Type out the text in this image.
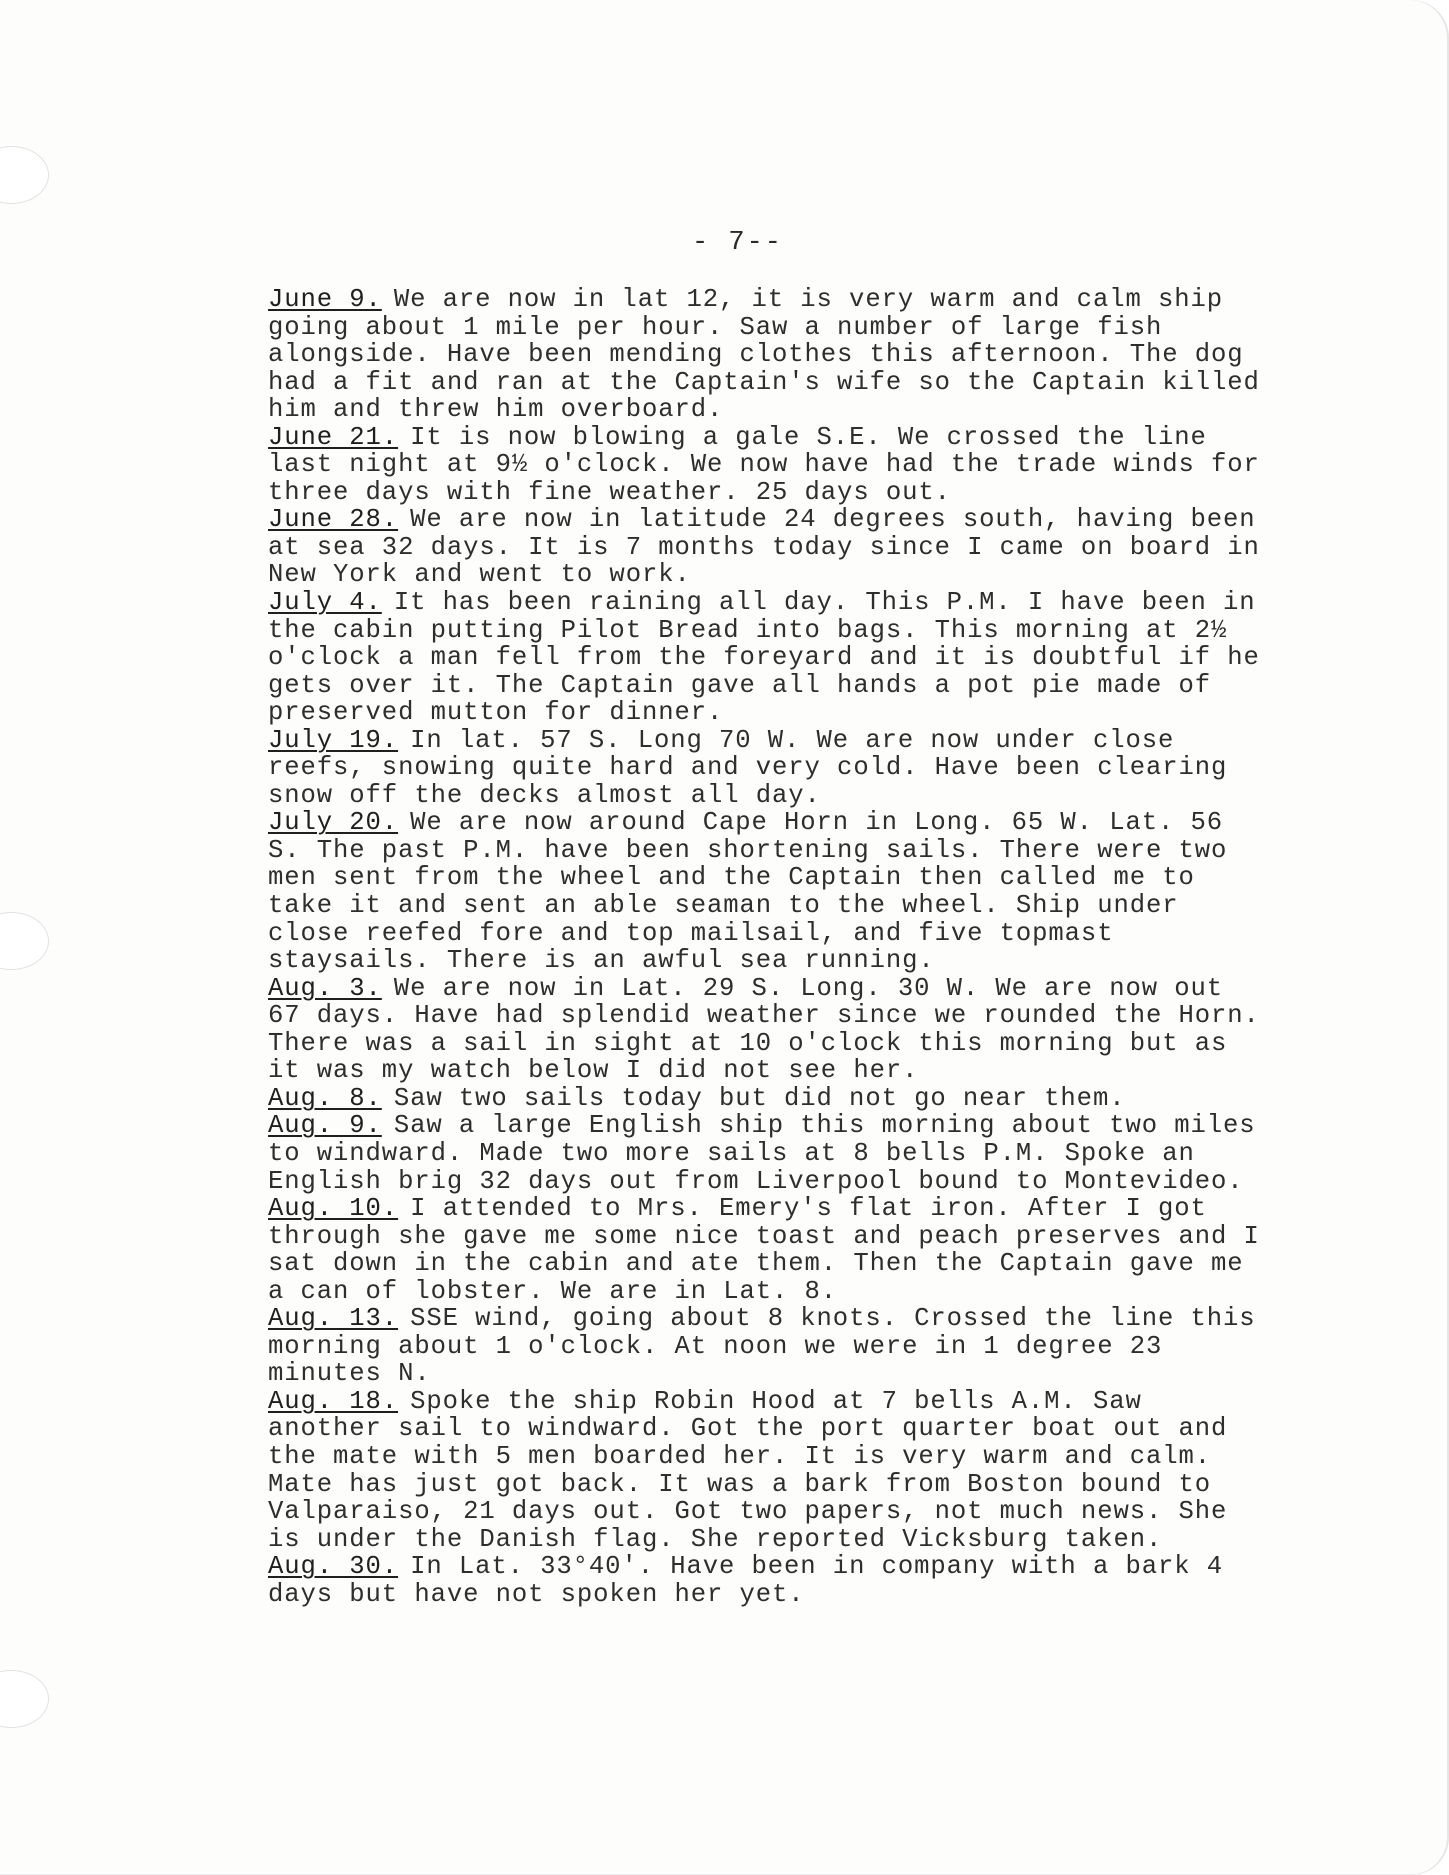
- 7--

June 9. We are now in lat 12, it is very warm and calm ship going about 1 mile per hour. Saw a number of large fish alongside. Have been mending clothes this afternoon. The dog had a fit and ran at the Captain's wife so the Captain killed him and threw him overboard.

June 21. It is now blowing a gale S.E. We crossed the line last night at 9½ o'clock. We now have had the trade winds for three days with fine weather. 25 days out.

June 28. We are now in latitude 24 degrees south, having been at sea 32 days. It is 7 months today since I came on board in New York and went to work.

July 4. It has been raining all day. This P.M. I have been in the cabin putting Pilot Bread into bags. This morning at 2½ o'clock a man fell from the foreyard and it is doubtful if he gets over it. The Captain gave all hands a pot pie made of preserved mutton for dinner.

July 19. In lat. 57 S. Long 70 W. We are now under close reefs, snowing quite hard and very cold. Have been clearing snow off the decks almost all day.

July 20. We are now around Cape Horn in Long. 65 W. Lat. 56 S. The past P.M. have been shortening sails. There were two men sent from the wheel and the Captain then called me to take it and sent an able seaman to the wheel. Ship under close reefed fore and top mailsail, and five topmast staysails. There is an awful sea running.

Aug. 3. We are now in Lat. 29 S. Long. 30 W. We are now out 67 days. Have had splendid weather since we rounded the Horn. There was a sail in sight at 10 o'clock this morning but as it was my watch below I did not see her.

Aug. 8. Saw two sails today but did not go near them.

Aug. 9. Saw a large English ship this morning about two miles to windward. Made two more sails at 8 bells P.M. Spoke an English brig 32 days out from Liverpool bound to Montevideo.

Aug. 10. I attended to Mrs. Emery's flat iron. After I got through she gave me some nice toast and peach preserves and I sat down in the cabin and ate them. Then the Captain gave me a can of lobster. We are in Lat. 8.

Aug. 13. SSE wind, going about 8 knots. Crossed the line this morning about 1 o'clock. At noon we were in 1 degree 23 minutes N.

Aug. 18. Spoke the ship Robin Hood at 7 bells A.M. Saw another sail to windward. Got the port quarter boat out and the mate with 5 men boarded her. It is very warm and calm. Mate has just got back. It was a bark from Boston bound to Valparaiso, 21 days out. Got two papers, not much news. She is under the Danish flag. She reported Vicksburg taken.

Aug. 30. In Lat. 33°40'. Have been in company with a bark 4 days but have not spoken her yet.
